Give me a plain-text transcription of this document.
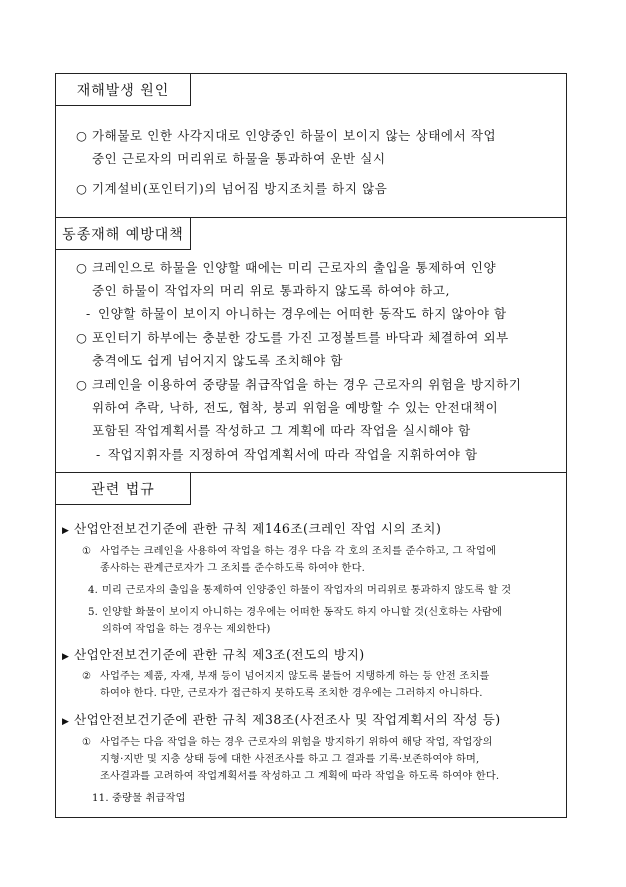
재해발생 원인
동종재해 예방대책
관련 법규
○ 가해물로 인한 사각지대로 인양중인 하물이 보이지 않는 상태에서 작업
중인 근로자의 머리위로 하물을 통과하여 운반 실시
○ 기계설비(포인터기)의 넘어짐 방지조치를 하지 않음
○ 크레인으로 하물을 인양할 때에는 미리 근로자의 출입을 통제하여 인양
중인 하물이 작업자의 머리 위로 통과하지 않도록 하여야 하고,
- 인양할 하물이 보이지 아니하는 경우에는 어떠한 동작도 하지 않아야 함
○ 포인터기 하부에는 충분한 강도를 가진 고정볼트를 바닥과 체결하여 외부
충격에도 쉽게 넘어지지 않도록 조치해야 함
○ 크레인을 이용하여 중량물 취급작업을 하는 경우 근로자의 위험을 방지하기
위하여 추락, 낙하, 전도, 협착, 붕괴 위험을 예방할 수 있는 안전대책이
포함된 작업계획서를 작성하고 그 계획에 따라 작업을 실시해야 함
- 작업지휘자를 지정하여 작업계획서에 따라 작업을 지휘하여야 함
▶ 산업안전보건기준에 관한 규칙 제146조(크레인 작업 시의 조치)
① 사업주는 크레인을 사용하여 작업을 하는 경우 다음 각 호의 조치를 준수하고, 그 작업에
종사하는 관계근로자가 그 조치를 준수하도록 하여야 한다.
4. 미리 근로자의 출입을 통제하여 인양중인 하물이 작업자의 머리위로 통과하지 않도록 할 것
5. 인양할 화물이 보이지 아니하는 경우에는 어떠한 동작도 하지 아니할 것(신호하는 사람에
의하여 작업을 하는 경우는 제외한다)
▶ 산업안전보건기준에 관한 규칙 제3조(전도의 방지)
② 사업주는 제품, 자재, 부재 등이 넘어지지 않도록 붙들어 지탱하게 하는 등 안전 조치를
하여야 한다. 다만, 근로자가 접근하지 못하도록 조치한 경우에는 그러하지 아니하다.
▶ 산업안전보건기준에 관한 규칙 제38조(사전조사 및 작업계획서의 작성 등)
① 사업주는 다음 작업을 하는 경우 근로자의 위험을 방지하기 위하여 해당 작업, 작업장의
지형·지반 및 지층 상태 등에 대한 사전조사를 하고 그 결과를 기록·보존하여야 하며,
조사결과를 고려하여 작업계획서를 작성하고 그 계획에 따라 작업을 하도록 하여야 한다.
11. 중량물 취급작업
